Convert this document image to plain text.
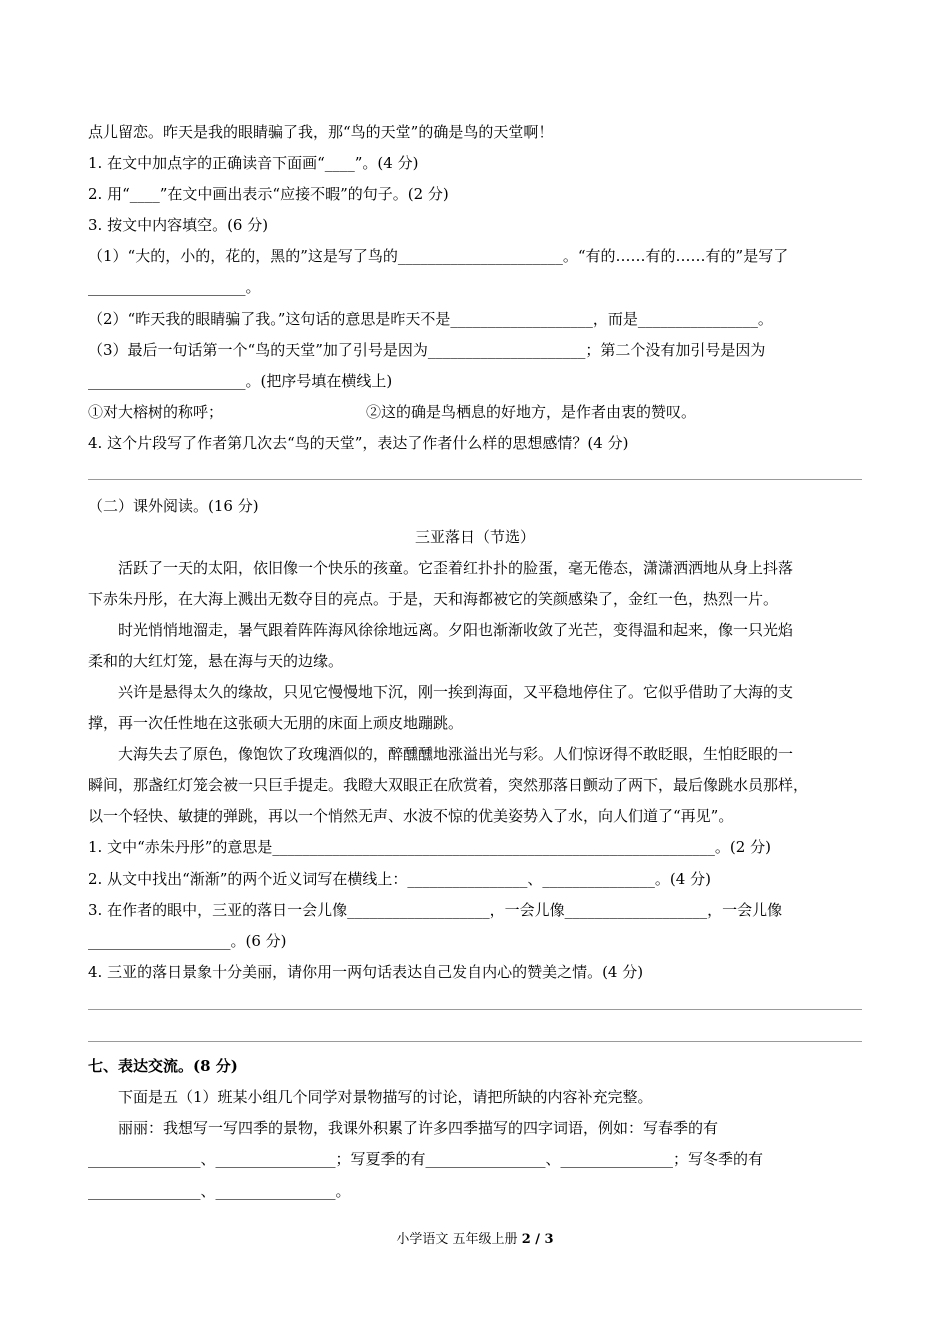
点儿留恋。昨天是我的眼睛骗了我，那“鸟的天堂”的确是鸟的天堂啊！
1. 在文中加点字的正确读音下面画“____”。(4 分)
2. 用“____”在文中画出表示“应接不暇”的句子。(2 分)
3. 按文中内容填空。(6 分)
（1）“大的，小的，花的，黑的”这是写了鸟的______________________。“有的……有的……有的”是写了
_____________________。
（2）“昨天我的眼睛骗了我。”这句话的意思是昨天不是___________________，而是________________。
（3）最后一句话第一个“鸟的天堂”加了引号是因为_____________________；第二个没有加引号是因为
_____________________。(把序号填在横线上)
①对大榕树的称呼；                              ②这的确是鸟栖息的好地方，是作者由衷的赞叹。
4. 这个片段写了作者第几次去“鸟的天堂”，表达了作者什么样的思想感情？(4 分)
（二）课外阅读。(16 分)
三亚落日（节选）
活跃了一天的太阳，依旧像一个快乐的孩童。它歪着红扑扑的脸蛋，毫无倦态，潇潇洒洒地从身上抖落
下赤朱丹彤，在大海上溅出无数夺目的亮点。于是，天和海都被它的笑颜感染了，金红一色，热烈一片。
时光悄悄地溜走，暑气跟着阵阵海风徐徐地远离。夕阳也渐渐收敛了光芒，变得温和起来，像一只光焰
柔和的大红灯笼，悬在海与天的边缘。
兴许是悬得太久的缘故，只见它慢慢地下沉，刚一挨到海面，又平稳地停住了。它似乎借助了大海的支
撑，再一次任性地在这张硕大无朋的床面上顽皮地蹦跳。
大海失去了原色，像饱饮了玫瑰酒似的，醉醺醺地涨溢出光与彩。人们惊讶得不敢眨眼，生怕眨眼的一
瞬间，那盏红灯笼会被一只巨手提走。我瞪大双眼正在欣赏着，突然那落日颤动了两下，最后像跳水员那样，
以一个轻快、敏捷的弹跳，再以一个悄然无声、水波不惊的优美姿势入了水，向人们道了“再见”。
1. 文中“赤朱丹彤”的意思是___________________________________________________________。(2 分)
2. 从文中找出“渐渐”的两个近义词写在横线上：________________、_______________。(4 分)
3. 在作者的眼中，三亚的落日一会儿像___________________，一会儿像___________________，一会儿像
___________________。(6 分)
4. 三亚的落日景象十分美丽，请你用一两句话表达自己发自内心的赞美之情。(4 分)
七、表达交流。(8 分)
下面是五（1）班某小组几个同学对景物描写的讨论，请把所缺的内容补充完整。
丽丽：我想写一写四季的景物，我课外积累了许多四季描写的四字词语，例如：写春季的有
_______________、________________；写夏季的有________________、_______________；写冬季的有
_______________、________________。
小学语文 五年级上册 2 / 3
